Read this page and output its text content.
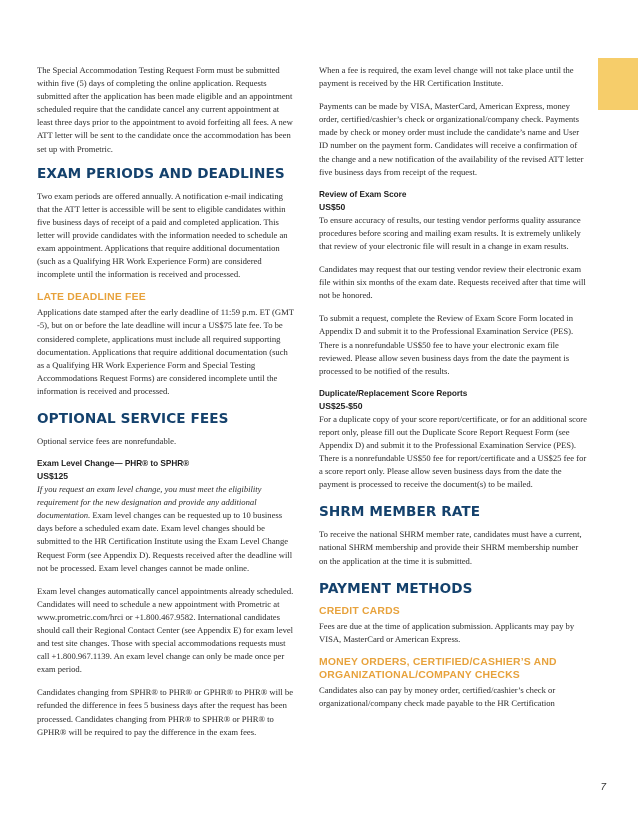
The Special Accommodation Testing Request Form must be submitted within five (5) days of completing the online application. Requests submitted after the application has been made eligible and an appointment scheduled require that the candidate cancel any current appointment at least three days prior to the appointment to avoid forfeiting all fees. A new ATT letter will be sent to the candidate once the accommodation has been set up with Prometric.

EXAM PERIODS AND DEADLINES

Two exam periods are offered annually. A notification e-mail indicating that the ATT letter is accessible will be sent to eligible candidates within five business days of receipt of a paid and completed application. This letter will provide candidates with the information needed to schedule an exam appointment. Applications that require additional documentation (such as a Qualifying HR Work Experience Form) are considered incomplete until the information is received and processed.

LATE DEADLINE FEE

Applications date stamped after the early deadline of 11:59 p.m. ET (GMT -5), but on or before the late deadline will incur a US$75 late fee. To be considered complete, applications must include all required supporting documentation. Applications that require additional documentation (such as a Qualifying HR Work Experience Form and Special Testing Accommodations Request Forms) are considered incomplete until the information is received and processed.

OPTIONAL SERVICE FEES

Optional service fees are nonrefundable.

Exam Level Change— PHR® to SPHR®
US$125

If you request an exam level change, you must meet the eligibility requirement for the new designation and provide any additional documentation. Exam level changes can be requested up to 10 business days before a scheduled exam date. Exam level changes should be submitted to the HR Certification Institute using the Exam Level Change Request Form (see Appendix D). Requests received after the deadline will not be processed. Exam level changes cannot be made online.

Exam level changes automatically cancel appointments already scheduled. Candidates will need to schedule a new appointment with Prometric at www.prometric.com/hrci or +1.800.467.9582. International candidates should call their Regional Contact Center (see Appendix E) for exam level and test site changes. Those with special accommodations requests must call +1.800.967.1139. An exam level change can only be made once per exam period.

Candidates changing from SPHR® to PHR® or GPHR® to PHR® will be refunded the difference in fees 5 business days after the request has been processed. Candidates changing from PHR® to SPHR® or PHR® to GPHR® will be required to pay the difference in the exam fees.

When a fee is required, the exam level change will not take place until the payment is received by the HR Certification Institute.

Payments can be made by VISA, MasterCard, American Express, money order, certified/cashier’s check or organizational/company check. Payments made by check or money order must include the candidate’s name and User ID number on the payment form. Candidates will receive a confirmation of the change and a new notification of the availability of the revised ATT letter five business days from receipt of the request.

Review of Exam Score
US$50

To ensure accuracy of results, our testing vendor performs quality assurance procedures before scoring and mailing exam results. It is extremely unlikely that review of your electronic file will result in a change in exam results.

Candidates may request that our testing vendor review their electronic exam file within six months of the exam date. Requests received after that time will not be honored.

To submit a request, complete the Review of Exam Score Form located in Appendix D and submit it to the Professional Examination Service (PES). There is a nonrefundable US$50 fee to have your electronic exam file reviewed. Please allow seven business days from the date the payment is processed to be notified of the results.

Duplicate/Replacement Score Reports
US$25-$50

For a duplicate copy of your score report/certificate, or for an additional score report only, please fill out the Duplicate Score Report Request Form (see Appendix D) and submit it to the Professional Examination Service (PES). There is a nonrefundable US$50 fee for report/certificate and a US$25 fee for a score report only. Please allow seven business days from the date the payment is processed to receive the document(s) to be mailed.

SHRM MEMBER RATE

To receive the national SHRM member rate, candidates must have a current, national SHRM membership and provide their SHRM membership number on the application at the time it is submitted.

PAYMENT METHODS
CREDIT CARDS

Fees are due at the time of application submission. Applicants may pay by VISA, MasterCard or American Express.

MONEY ORDERS, CERTIFIED/CASHIER’S AND ORGANIZATIONAL/COMPANY CHECKS

Candidates also can pay by money order, certified/cashier’s check or organizational/company check made payable to the HR Certification

7
